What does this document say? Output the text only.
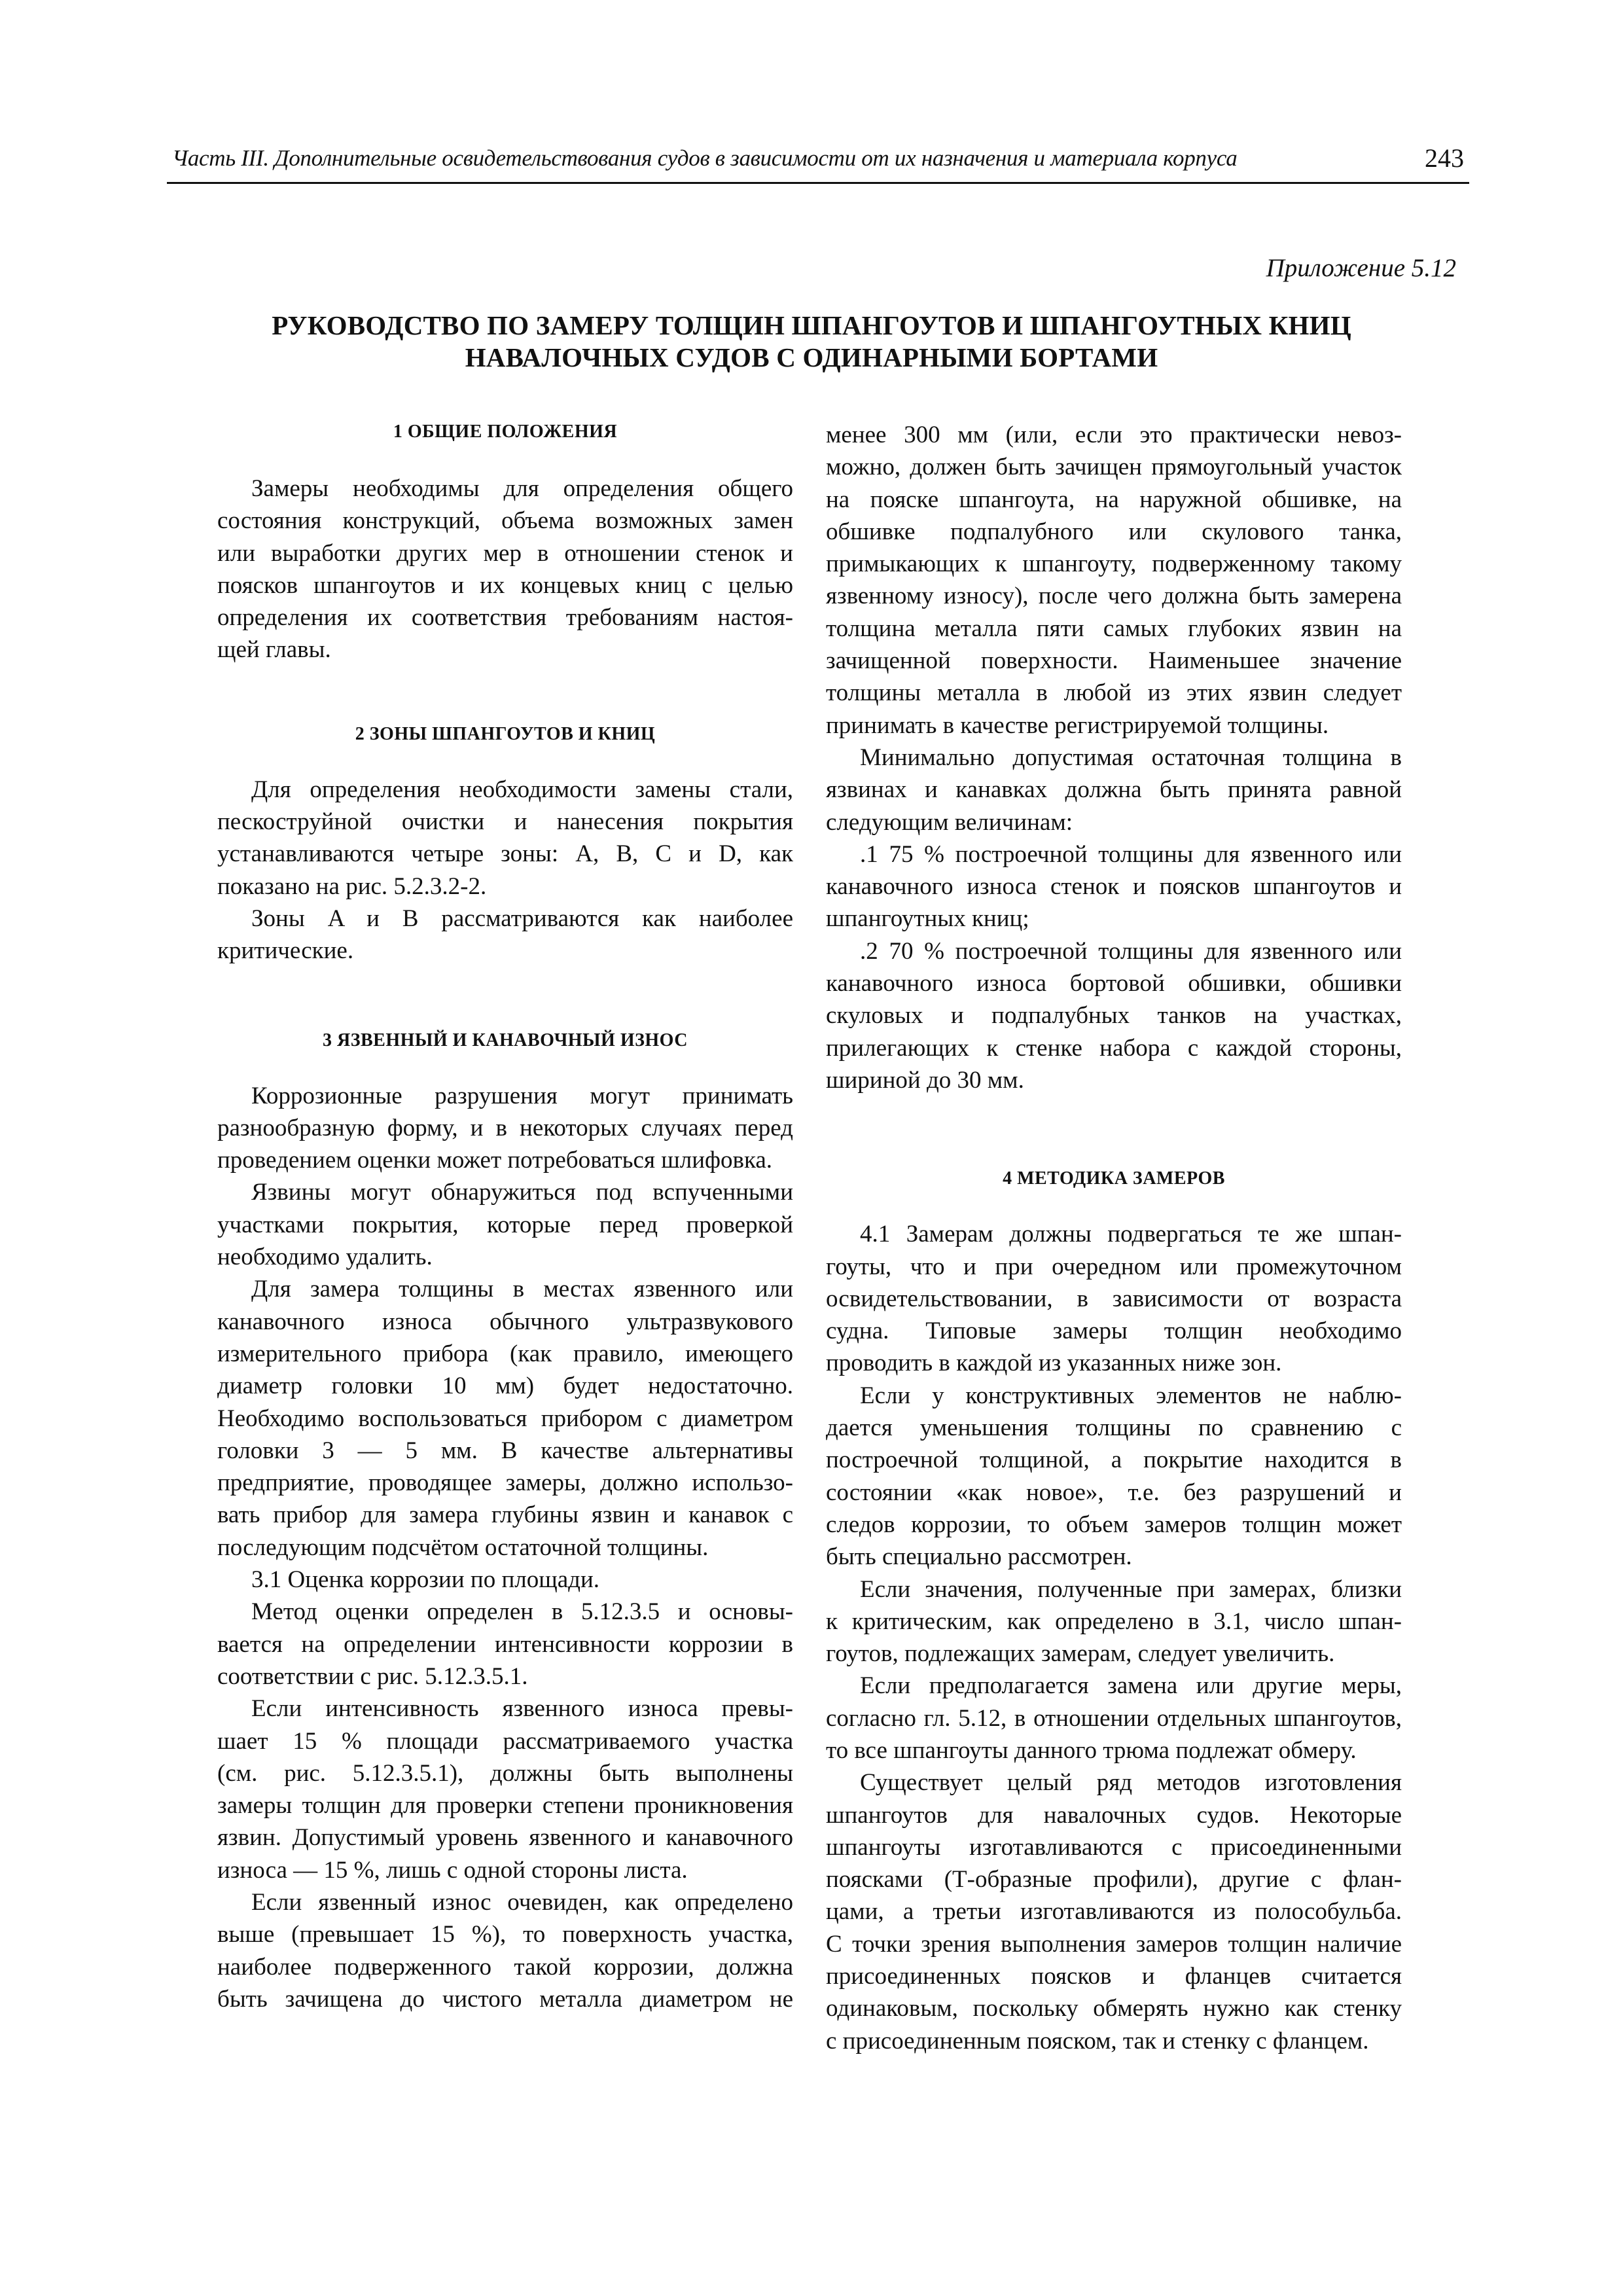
Часть III. Дополнительные освидетельствования судов в зависимости от их назначения и материала корпуса	243
Приложение 5.12
РУКОВОДСТВО ПО ЗАМЕРУ ТОЛЩИН ШПАНГОУТОВ И ШПАНГОУТНЫХ КНИЦ
НАВАЛОЧНЫХ СУДОВ С ОДИНАРНЫМИ БОРТАМИ
1 ОБЩИЕ ПОЛОЖЕНИЯ

Замеры необходимы для определения общего

состояния конструкций, объема возможных замен

или выработки других мер в отношении стенок и

поясков шпангоутов и их концевых книц с целью

определения их соответствия требованиям настоя-

щей главы.

2 ЗОНЫ ШПАНГОУТОВ И КНИЦ

Для определения необходимости замены стали,

пескоструйной очистки и нанесения покрытия

устанавливаются четыре зоны: A, B, C и D, как

показано на рис. 5.2.3.2-2.

Зоны A и B рассматриваются как наиболее

критические.

3 ЯЗВЕННЫЙ И КАНАВОЧНЫЙ ИЗНОС

Коррозионные разрушения могут принимать

разнообразную форму, и в некоторых случаях перед

проведением оценки может потребоваться шлифовка.

Язвины могут обнаружиться под вспученными

участками покрытия, которые перед проверкой

необходимо удалить.

Для замера толщины в местах язвенного или

канавочного износа обычного ультразвукового

измерительного прибора (как правило, имеющего

диаметр головки 10 мм) будет недостаточно.

Необходимо воспользоваться прибором с диаметром

головки 3 — 5 мм. В качестве альтернативы

предприятие, проводящее замеры, должно использо-

вать прибор для замера глубины язвин и канавок с

последующим подсчётом остаточной толщины.

3.1 Оценка коррозии по площади.

Метод оценки определен в 5.12.3.5 и основы-

вается на определении интенсивности коррозии в

соответствии с рис. 5.12.3.5.1.

Если интенсивность язвенного износа превы-

шает 15 % площади рассматриваемого участка

(см. рис. 5.12.3.5.1), должны быть выполнены

замеры толщин для проверки степени проникновения

язвин. Допустимый уровень язвенного и канавочного

износа — 15 %, лишь с одной стороны листа.

Если язвенный износ очевиден, как определено

выше (превышает 15 %), то поверхность участка,

наиболее подверженного такой коррозии, должна

быть зачищена до чистого металла диаметром не

менее 300 мм (или, если это практически невоз-

можно, должен быть зачищен прямоугольный участок

на пояске шпангоута, на наружной обшивке, на

обшивке подпалубного или скулового танка,

примыкающих к шпангоуту, подверженному такому

язвенному износу), после чего должна быть замерена

толщина металла пяти самых глубоких язвин на

зачищенной поверхности. Наименьшее значение

толщины металла в любой из этих язвин следует

принимать в качестве регистрируемой толщины.

Минимально допустимая остаточная толщина в

язвинах и канавках должна быть принята равной

следующим величинам:

.1 75 % построечной толщины для язвенного или

канавочного износа стенок и поясков шпангоутов и

шпангоутных книц;

.2 70 % построечной толщины для язвенного или

канавочного износа бортовой обшивки, обшивки

скуловых и подпалубных танков на участках,

прилегающих к стенке набора с каждой стороны,

шириной до 30 мм.

4 МЕТОДИКА ЗАМЕРОВ

4.1 Замерам должны подвергаться те же шпан-

гоуты, что и при очередном или промежуточном

освидетельствовании, в зависимости от возраста

судна. Типовые замеры толщин необходимо

проводить в каждой из указанных ниже зон.

Если у конструктивных элементов не наблю-

дается уменьшения толщины по сравнению с

построечной толщиной, а покрытие находится в

состоянии «как новое», т.е. без разрушений и

следов коррозии, то объем замеров толщин может

быть специально рассмотрен.

Если значения, полученные при замерах, близки

к критическим, как определено в 3.1, число шпан-

гоутов, подлежащих замерам, следует увеличить.

Если предполагается замена или другие меры,

согласно гл. 5.12, в отношении отдельных шпангоутов,

то все шпангоуты данного трюма подлежат обмеру.

Существует целый ряд методов изготовления

шпангоутов для навалочных судов. Некоторые

шпангоуты изготавливаются с присоединенными

поясками (Т-образные профили), другие с флан-

цами, а третьи изготавливаются из полособульба.

С точки зрения выполнения замеров толщин наличие

присоединенных поясков и фланцев считается

одинаковым, поскольку обмерять нужно как стенку

с присоединенным пояском, так и стенку с фланцем.
